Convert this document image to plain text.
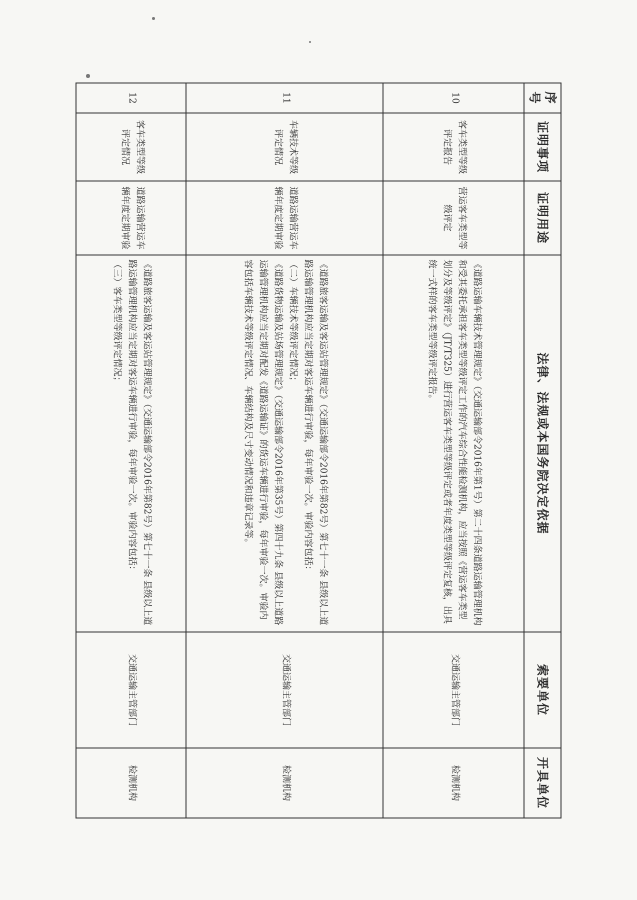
序号	证明事项	证明用途	法律、法规或本国务院决定依据	索要单位	开具单位
10	客车类型等级评定报告	营运客车类型等级评定	《道路运输车辆技术管理规定》（交通运输部令2016年第1号）第二十四条道路运输管理机构和受其委托承担客车类型等级评定工作的汽车综合性能检测机构，应当按照《营运客车类型划分及等级评定》（JT/T325）进行营运客车类型等级评定或者年度类型等级评定复核，出具统一式样的客车类型等级评定报告。	交通运输主管部门	检测机构
11	车辆技术等级评定情况	道路运输营运车辆年度定期审验	《道路旅客运输及客运站管理规定》（交通运输部令2016年第82号）第七十一条 县级以上道路运输管理机构应当定期对客运车辆进行审验，每年审验一次。审验内容包括：
（二）车辆技术等级评定情况；
《道路货物运输及站场管理规定》（交通运输部令2016年第35号）第四十九条 县级以上道路运输管理机构应当定期对配发《道路运输证》的货运车辆进行审验，每年审验一次。审验内容包括车辆技术等级评定情况、车辆结构及尺寸变动情况和违章记录等。	交通运输主管部门	检测机构
12	客车类型等级评定情况	道路运输营运车辆年度定期审验	《道路旅客运输及客运站管理规定》（交通运输部令2016年第82号）第七十一条 县级以上道路运输管理机构应当定期对客运车辆进行审验，每年审验一次。审验内容包括：
（三）客车类型等级评定情况；	交通运输主管部门	检测机构
